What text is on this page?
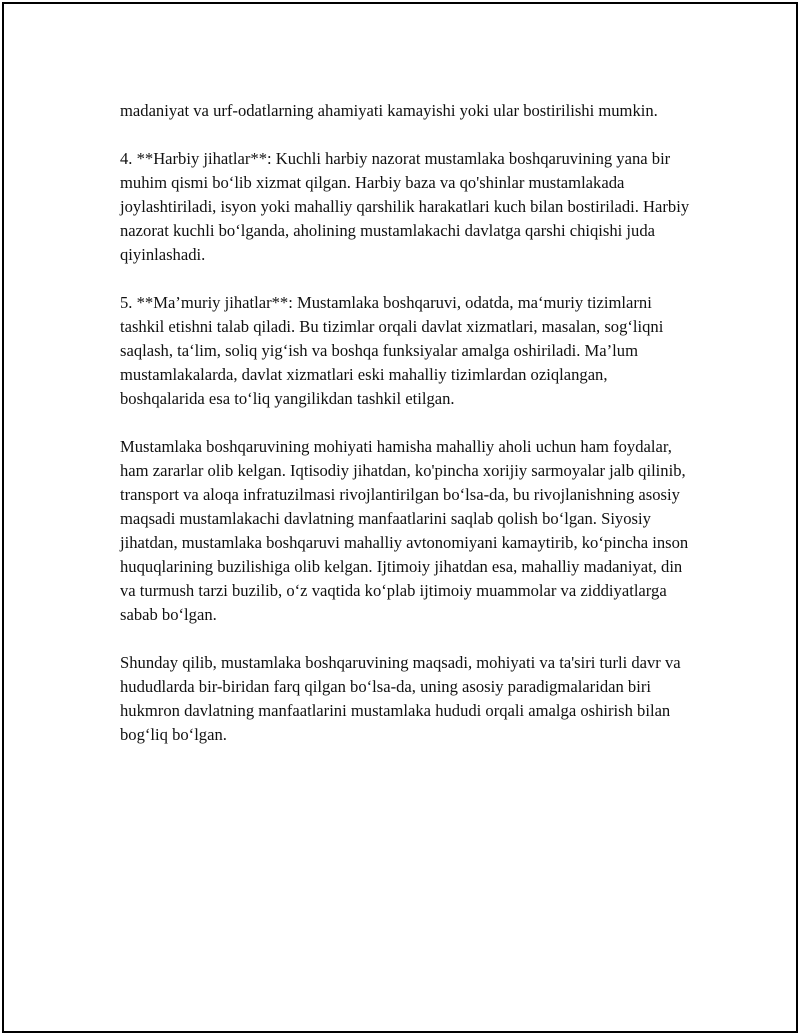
madaniyat va urf-odatlarning ahamiyati kamayishi yoki ular bostirilishi mumkin.

4. **Harbiy jihatlar**: Kuchli harbiy nazorat mustamlaka boshqaruvining yana bir muhim qismi bo‘lib xizmat qilgan. Harbiy baza va qo'shinlar mustamlakada joylashtiriladi, isyon yoki mahalliy qarshilik harakatlari kuch bilan bostiriladi. Harbiy nazorat kuchli bo‘lganda, aholining mustamlakachi davlatga qarshi chiqishi juda qiyinlashadi.

5. **Ma’muriy jihatlar**: Mustamlaka boshqaruvi, odatda, ma‘muriy tizimlarni tashkil etishni talab qiladi. Bu tizimlar orqali davlat xizmatlari, masalan, sog‘liqni saqlash, ta‘lim, soliq yig‘ish va boshqa funksiyalar amalga oshiriladi. Ma’lum mustamlakalarda, davlat xizmatlari eski mahalliy tizimlardan oziqlangan, boshqalarida esa to‘liq yangilikdan tashkil etilgan.

Mustamlaka boshqaruvining mohiyati hamisha mahalliy aholi uchun ham foydalar, ham zararlar olib kelgan. Iqtisodiy jihatdan, ko'pincha xorijiy sarmoyalar jalb qilinib, transport va aloqa infratuzilmasi rivojlantirilgan bo‘lsa-da, bu rivojlanishning asosiy maqsadi mustamlakachi davlatning manfaatlarini saqlab qolish bo‘lgan. Siyosiy jihatdan, mustamlaka boshqaruvi mahalliy avtonomiyani kamaytirib, ko‘pincha inson huquqlarining buzilishiga olib kelgan. Ijtimoiy jihatdan esa, mahalliy madaniyat, din va turmush tarzi buzilib, o‘z vaqtida ko‘plab ijtimoiy muammolar va ziddiyatlarga sabab bo‘lgan.

Shunday qilib, mustamlaka boshqaruvining maqsadi, mohiyati va ta'siri turli davr va hududlarda bir-biridan farq qilgan bo‘lsa-da, uning asosiy paradigmalaridan biri hukmron davlatning manfaatlarini mustamlaka hududi orqali amalga oshirish bilan bog‘liq bo‘lgan.
